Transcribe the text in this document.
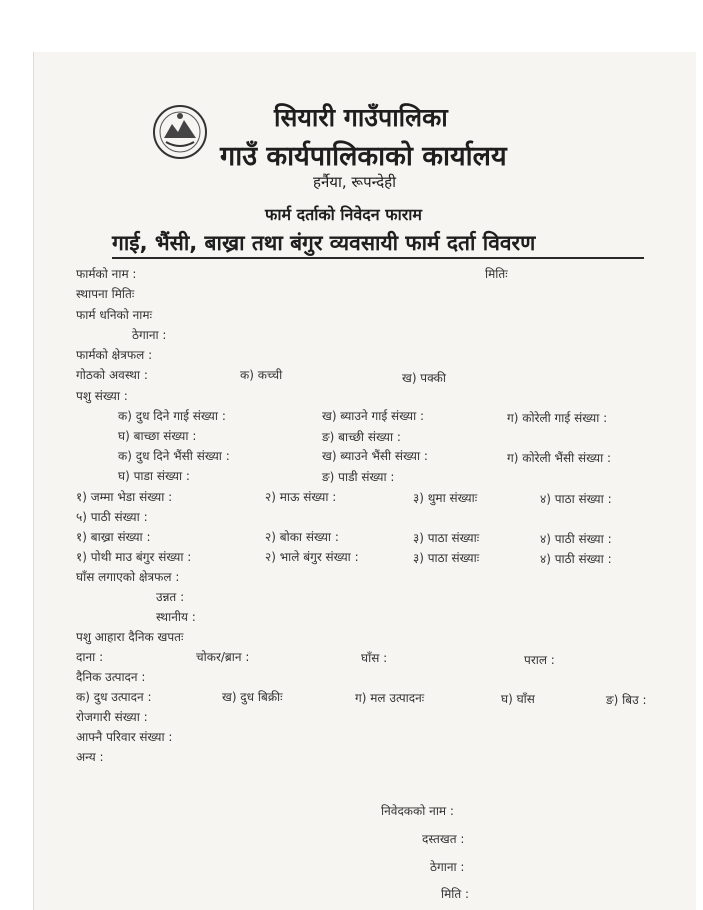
सियारी गाउँपालिका
गाउँ कार्यपालिकाको कार्यालय
हर्नैया, रूपन्देही
फार्म दर्ताको निवेदन फाराम
गाई, भैंसी, बाख्रा तथा बंगुर व्यवसायी फार्म दर्ता विवरण
फार्मको नाम :	मितिः
स्थापना मितिः
फार्म धनिको नामः
ठेगाना :
फार्मको क्षेत्रफल :
गोठको अवस्था :	क) कच्ची	ख) पक्की
पशु संख्या :
क) दुध दिने गाई संख्या :	ख) ब्याउने गाई संख्या :	ग) कोरेली गाई संख्या :
घ) बाच्छा संख्या :	ङ) बाच्छी संख्या :
क) दुध दिने भैंसी संख्या :	ख) ब्याउने भैंसी संख्या :	ग) कोरेली भैंसी संख्या :
घ) पाडा संख्या :	ङ) पाडी संख्या :
१) जम्मा भेडा संख्या :	२) माऊ संख्या :	३) थुमा संख्याः	४) पाठा संख्या :
५) पाठी संख्या :
१) बाख्रा संख्या :	२) बोका संख्या :	३) पाठा संख्याः	४) पाठी संख्या :
१) पोथी माउ बंगुर संख्या :	२) भाले बंगुर संख्या :	३) पाठा संख्याः	४) पाठी संख्या :
घाँस लगाएको क्षेत्रफल :
उन्नत :
स्थानीय :
पशु आहारा दैनिक खपतः
दाना :	चोकर/ब्रान :	घाँस :	पराल :
दैनिक उत्पादन :
क) दुध उत्पादन :	ख) दुध बिक्रीः	ग) मल उत्पादनः	घ) घाँस	ङ) बिउ :
रोजगारी संख्या :
आफ्नै परिवार संख्या :
अन्य :
निवेदकको नाम :
दस्तखत :
ठेगाना :
मिति :
